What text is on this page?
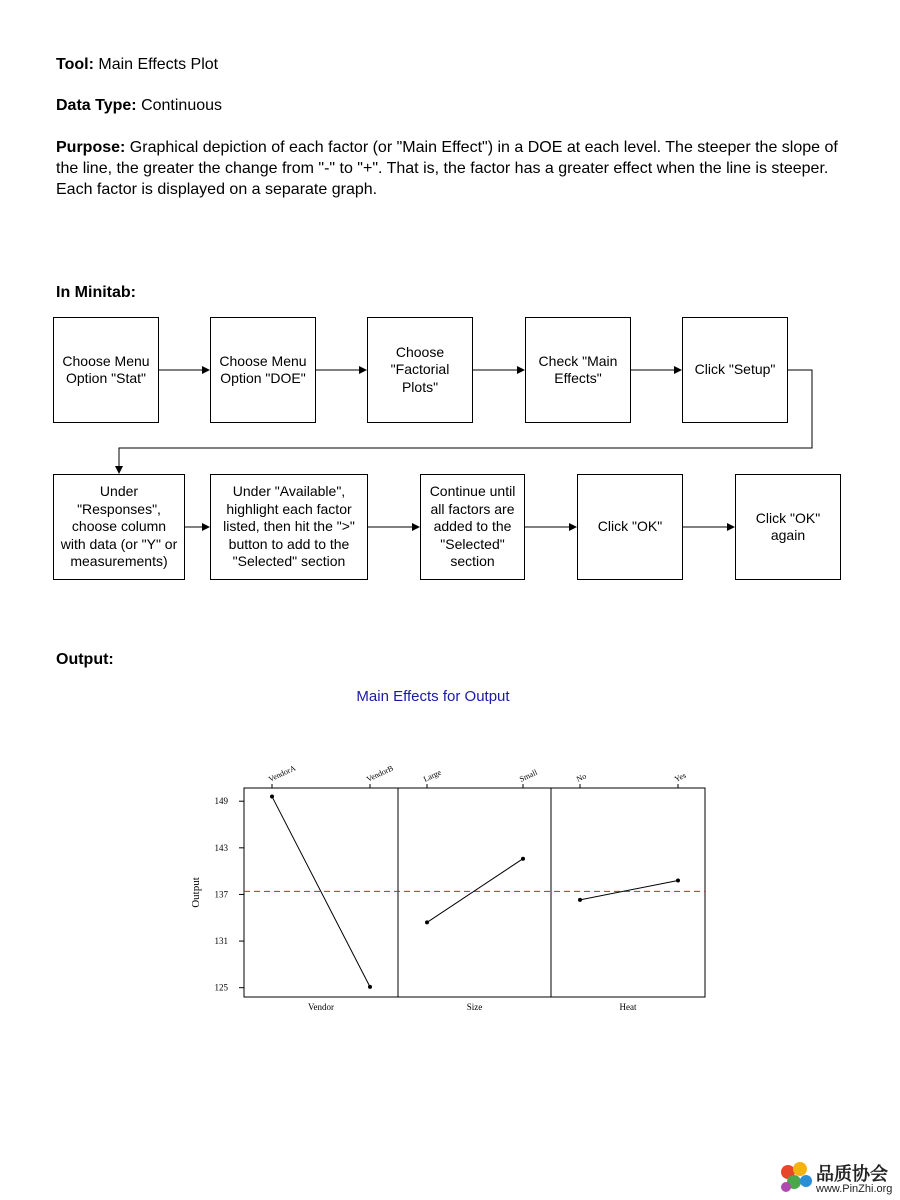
Tool: Main Effects Plot
Data Type: Continuous
Purpose: Graphical depiction of each factor (or "Main Effect") in a DOE at each level. The steeper the slope of the line, the greater the change from "-" to "+". That is, the factor has a greater effect when the line is steeper. Each factor is displayed on a separate graph.
In Minitab:
Choose Menu Option "Stat"
Choose Menu Option "DOE"
Choose "Factorial Plots"
Check "Main Effects"
Click "Setup"
Under "Responses", choose column with data (or "Y" or measurements)
Under "Available", highlight each factor listed, then hit the ">" button to add to the "Selected" section
Continue until all factors are added to the "Selected" section
Click "OK"
Click "OK" again
Output:
Main Effects for Output
125
131
137
143
149
Output
VendorA	VendorB
Vendor
Large	Small
Size
No	Yes
Heat
品质协会
www.PinZhi.org
